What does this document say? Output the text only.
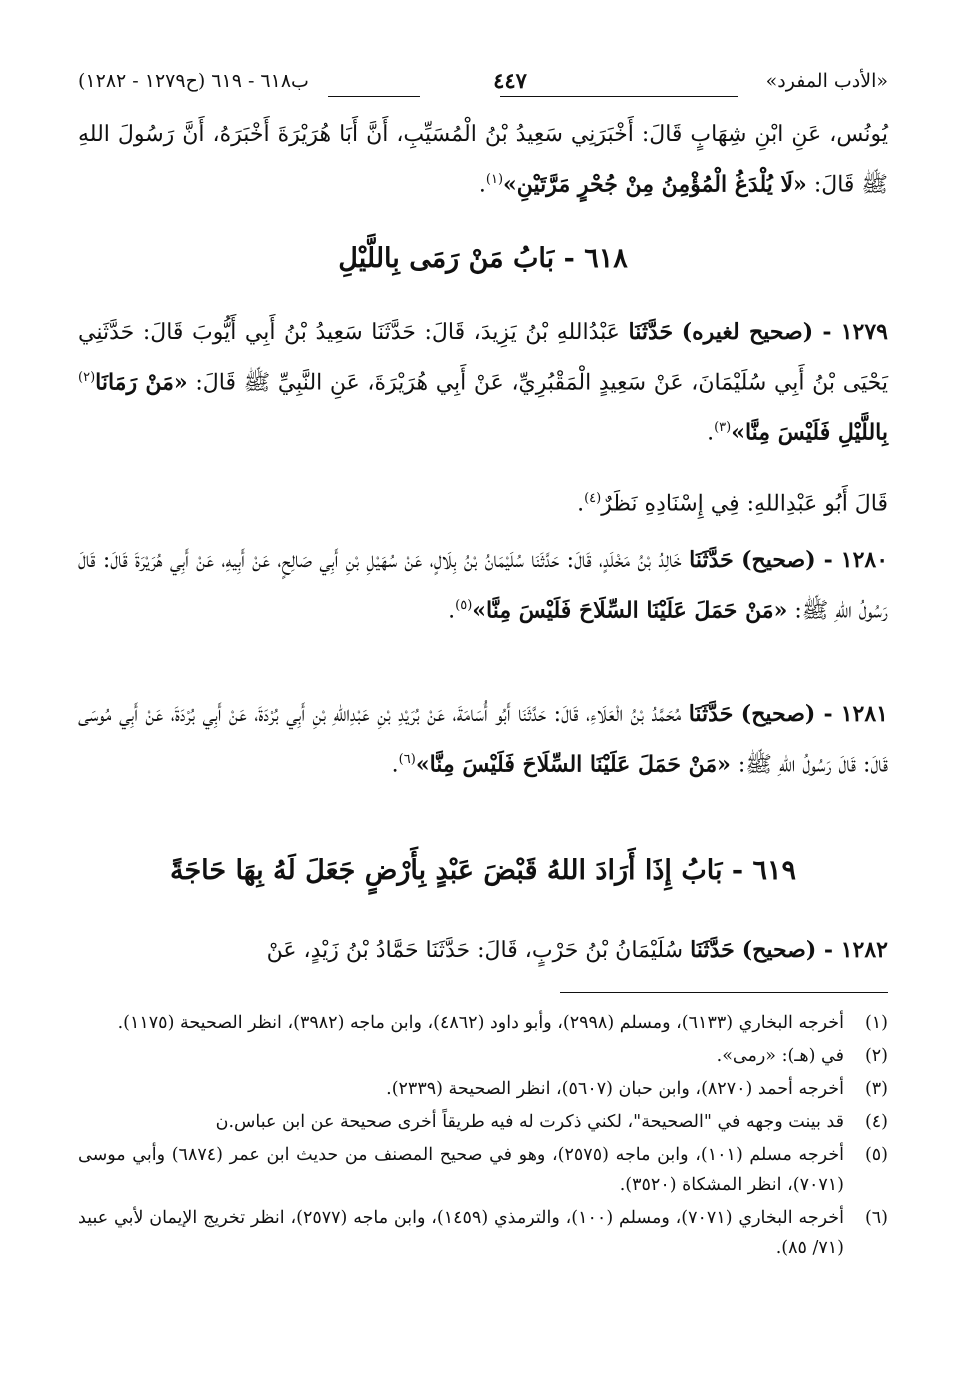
«الأدب المفرد»
٤٤٧
ب٦١٨ - ٦١٩ (ح١٢٧٩ - ١٢٨٢)

يُونُس، عَنِ ابْنِ شِهَابٍ قَالَ: أَخْبَرَنِي سَعِيدُ بْنُ الْمُسَيِّبِ، أَنَّ أَبَا هُرَيْرَةَ أَخْبَرَهُ، أَنَّ رَسُولَ اللهِ ﷺ قَالَ: «لَا يُلْدَغُ الْمُؤْمِنُ مِنْ جُحْرٍ مَرَّتَيْنِ»$^{(١)}$.

٦١٨ - بَابُ مَنْ رَمَى بِاللَّيْلِ

١٢٧٩ - (صحيح لغيره) حَدَّثَنَا عَبْدُاللهِ بْنُ يَزِيدَ، قَالَ: حَدَّثَنَا سَعِيدُ بْنُ أَبِي أَيُّوبَ قَالَ: حَدَّثَنِي يَحْيَى بْنُ أَبِي سُلَيْمَانَ، عَنْ سَعِيدٍ الْمَقْبُرِيِّ، عَنْ أَبِي هُرَيْرَةَ، عَنِ النَّبِيِّ ﷺ قَالَ: «مَنْ رَمَانَا$^{(٢)}$ بِاللَّيْلِ فَلَيْسَ مِنَّا»$^{(٣)}$.

قَالَ أَبُو عَبْدِاللهِ: فِي إِسْنَادِهِ نَظَرٌ$^{(٤)}$.

١٢٨٠ - (صحيح) حَدَّثَنَا خَالِدُ بْنُ مَخْلَدٍ، قَالَ: حَدَّثَنَا سُلَيْمَانُ بْنُ بِلَالٍ، عَنْ سُهَيْلِ بْنِ أَبِي صَالِحٍ، عَنْ أَبِيهِ، عَنْ أَبِي هُرَيْرَةَ قَالَ: قَالَ رَسُولُ اللهِ ﷺ: «مَنْ حَمَلَ عَلَيْنَا السِّلَاحَ فَلَيْسَ مِنَّا»$^{(٥)}$.

١٢٨١ - (صحيح) حَدَّثَنَا مُحَمَّدُ بْنُ الْعَلَاءِ، قَالَ: حَدَّثَنَا أَبُو أُسَامَةَ، عَنْ بُرَيْدِ بْنِ عَبْدِاللهِ بْنِ أَبِي بُرْدَةَ، عَنْ أَبِي بُرْدَةَ، عَنْ أَبِي مُوسَى قَالَ: قَالَ رَسُولُ اللهِ ﷺ: «مَنْ حَمَلَ عَلَيْنَا السِّلَاحَ فَلَيْسَ مِنَّا»$^{(٦)}$.

٦١٩ - بَابُ إِذَا أَرَادَ اللهُ قَبْضَ عَبْدٍ بِأَرْضٍ جَعَلَ لَهُ بِهَا حَاجَةً

١٢٨٢ - (صحيح) حَدَّثَنَا سُلَيْمَانُ بْنُ حَرْبٍ، قَالَ: حَدَّثَنَا حَمَّادُ بْنُ زَيْدٍ، عَنْ

(١)
أخرجه البخاري (٦١٣٣)، ومسلم (٢٩٩٨)، وأبو داود (٤٨٦٢)، وابن ماجه (٣٩٨٢)، انظر الصحيحة (١١٧٥).
(٢)
في (هـ): «رمى».
(٣)
أخرجه أحمد (٨٢٧٠)، وابن حبان (٥٦٠٧)، انظر الصحيحة (٢٣٣٩).
(٤)
قد بينت وجهه في "الصحيحة"، لكني ذكرت له فيه طريقاً أخرى صحيحة عن ابن عباس.ن
(٥)
أخرجه مسلم (١٠١)، وابن ماجه (٢٥٧٥)، وهو في صحيح المصنف من حديث ابن عمر (٦٨٧٤) وأبي موسى (٧٠٧١)، انظر المشكاة (٣٥٢٠).
(٦)
أخرجه البخاري (٧٠٧١)، ومسلم (١٠٠)، والترمذي (١٤٥٩)، وابن ماجه (٢٥٧٧)، انظر تخريج الإيمان لأبي عبيد (٧١/ ٨٥).
